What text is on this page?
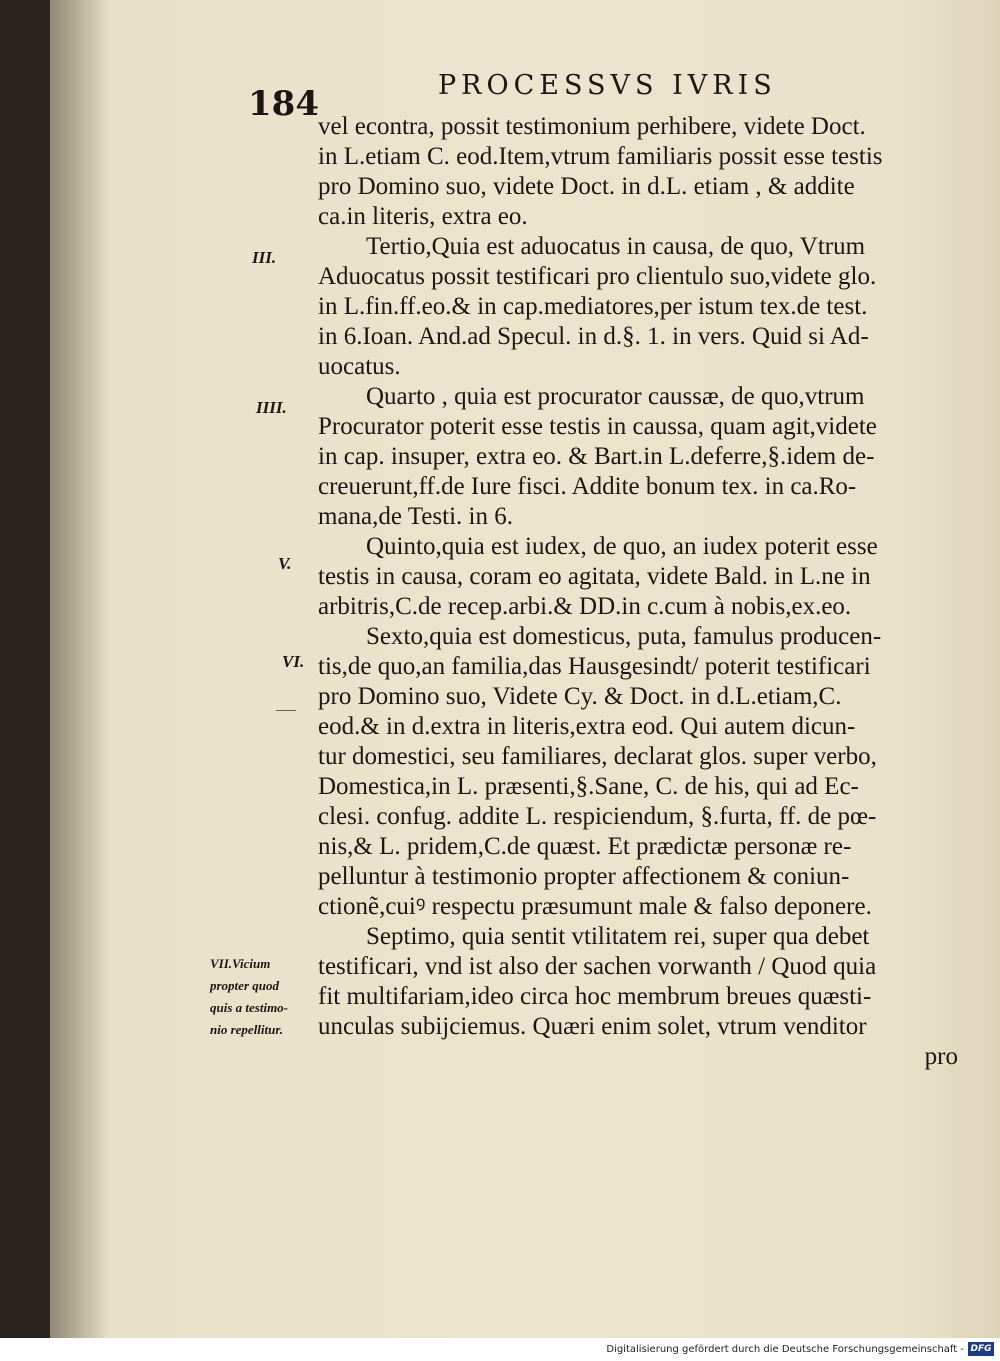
184	PROCESSVS IVRIS
III.
IIII.
V.
VI.
VII.Vicium
propter quod
quis a testimo-
nio repellitur.
vel econtra, possit testimonium perhibere, videte Doct.
in L.etiam C. eod.Item,vtrum familiaris possit esse testis
pro Domino suo, videte Doct. in d.L. etiam , & addite
ca.in literis, extra eo.
Tertio,Quia est aduocatus in causa, de quo, Vtrum
Aduocatus possit testificari pro clientulo suo,videte glo.
in L.fin.ff.eo.& in cap.mediatores,per istum tex.de test.
in 6.Ioan. And.ad Specul. in d.§. 1. in vers. Quid si Ad-
uocatus.
Quarto , quia est procurator caussæ, de quo,vtrum
Procurator poterit esse testis in caussa, quam agit,videte
in cap. insuper, extra eo. & Bart.in L.deferre,§.idem de-
creuerunt,ff.de Iure fisci. Addite bonum tex. in ca.Ro-
mana,de Testi. in 6.
Quinto,quia est iudex, de quo, an iudex poterit esse
testis in causa, coram eo agitata, videte Bald. in L.ne in
arbitris,C.de recep.arbi.& DD.in c.cum à nobis,ex.eo.
Sexto,quia est domesticus, puta, famulus producen-
tis,de quo,an familia,das Hausgesindt/ poterit testificari
pro Domino suo, Videte Cy. & Doct. in d.L.etiam,C.
eod.& in d.extra in literis,extra eod. Qui autem dicun-
tur domestici, seu familiares, declarat glos. super verbo,
Domestica,in L. præsenti,§.Sane, C. de his, qui ad Ec-
clesi. confug. addite L. respiciendum, §.furta, ff. de pœ-
nis,& L. pridem,C.de quæst. Et prædictæ personæ re-
pelluntur à testimonio propter affectionem & coniun-
ctionẽ,cuiꝰ respectu præsumunt male & falso deponere.
Septimo, quia sentit vtilitatem rei, super qua debet
testificari, vnd ist also der sachen vorwanth / Quod quia
fit multifariam,ideo circa hoc membrum breues quæsti-
unculas subijciemus. Quæri enim solet, vtrum venditor
pro
Digitalisierung gefördert durch die Deutsche Forschungsgemeinschaft - DFG
